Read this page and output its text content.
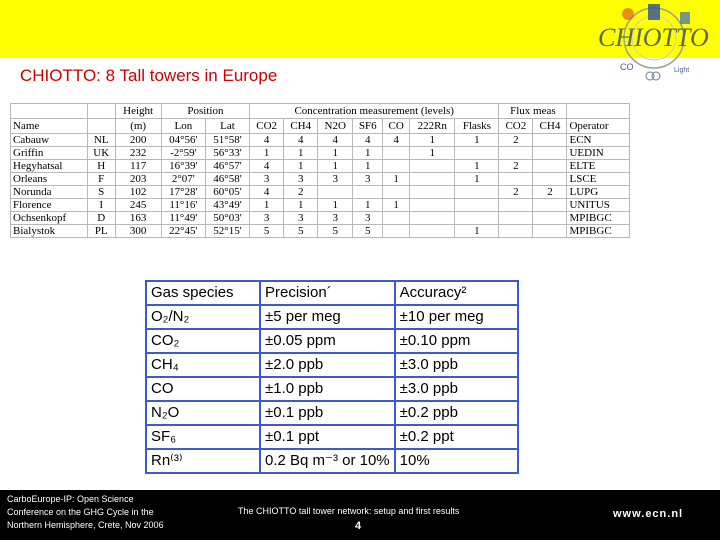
CHIOTTO
CO	Light
CHIOTTO: 8 Tall towers in Europe
		Height	Position		Concentration measurement (levels)							Flux meas		
Name		(m)	Lon	Lat	CO2	CH4	N2O	SF6	CO	222Rn	Flasks	CO2	CH4	Operator
Cabauw	NL	200	04°56'	51°58'	4	4	4	4	4	1	1	2		ECN
Griffin	UK	232	-2°59'	56°33'	1	1	1	1		1				UEDIN
Hegyhatsal	H	117	16°39'	46°57'	4	1	1	1			1	2		ELTE
Orleans	F	203	2°07'	46°58'	3	3	3	3	1		1			LSCE
Norunda	S	102	17°28'	60°05'	4	2						2	2	LUPG
Florence	I	245	11°16'	43°49'	1	1	1	1	1					UNITUS
Ochsenkopf	D	163	11°49'	50°03'	3	3	3	3						MPIBGC
Bialystok	PL	300	22°45'	52°15'	5	5	5	5			1			MPIBGC
Gas species	Precision´	Accuracy²
O₂/N₂	±5 per meg	±10 per meg
CO₂	±0.05 ppm	±0.10 ppm
CH₄	±2.0 ppb	±3.0 ppb
CO	±1.0 ppb	±3.0 ppb
N₂O	±0.1 ppb	±0.2 ppb
SF₆	±0.1 ppt	±0.2 ppt
Rn⁽³⁾	0.2 Bq m⁻³ or 10%	10%
CarboEurope-IP: Open Science
Conference on the GHG Cycle in the
Northern Hemisphere, Crete, Nov 2006
The CHIOTTO tall tower network: setup and first results
4
www.ecn.nl
